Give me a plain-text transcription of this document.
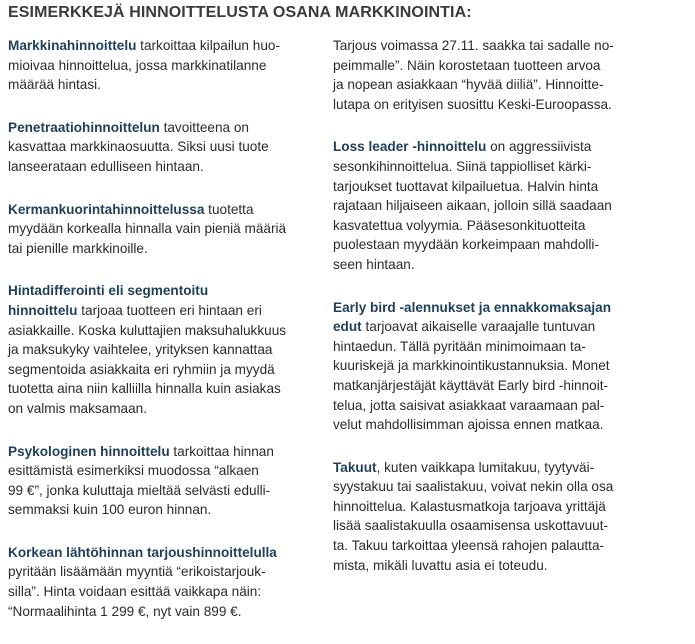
ESIMERKKEJÄ HINNOITTELUSTA OSANA MARKKINOINTIA:

Markkinahinnoittelu tarkoittaa kilpailun huo-
mioivaa hinnoittelua, jossa markkinatilanne
määrää hintasi.

Penetraatiohinnoittelun tavoitteena on
kasvattaa markkinaosuutta. Siksi uusi tuote
lanseerataan edulliseen hintaan.

Kermankuorintahinnoittelussa tuotetta
myydään korkealla hinnalla vain pieniä määriä
tai pienille markkinoille.

Hintadifferointi eli segmentoitu
hinnoittelu tarjoaa tuotteen eri hintaan eri
asiakkaille. Koska kuluttajien maksuhalukkuus
ja maksukyky vaihtelee, yrityksen kannattaa
segmentoida asiakkaita eri ryhmiin ja myydä
tuotetta aina niin kalliilla hinnalla kuin asiakas
on valmis maksamaan.

Psykologinen hinnoittelu tarkoittaa hinnan
esittämistä esimerkiksi muodossa “alkaen
99 €”, jonka kuluttaja mieltää selvästi edulli-
semmaksi kuin 100 euron hinnan.

Korkean lähtöhinnan tarjoushinnoittelulla
pyritään lisäämään myyntiä “erikoistarjouk-
silla”. Hinta voidaan esittää vaikkapa näin:
“Normaalihinta 1 299 €, nyt vain 899 €.

Tarjous voimassa 27.11. saakka tai sadalle no-
peimmalle”. Näin korostetaan tuotteen arvoa
ja nopean asiakkaan “hyvää diiliä”. Hinnoitte-
lutapa on erityisen suosittu Keski-Euroopassa.

Loss leader -hinnoittelu on aggressiivista
sesonkihinnoittelua. Siinä tappiolliset kärki-
tarjoukset tuottavat kilpailuetua. Halvin hinta
rajataan hiljaiseen aikaan, jolloin sillä saadaan
kasvatettua volyymia. Pääsesonkituotteita
puolestaan myydään korkeimpaan mahdolli-
seen hintaan.

Early bird -alennukset ja ennakkomaksajan
edut tarjoavat aikaiselle varaajalle tuntuvan
hintaedun. Tällä pyritään minimoimaan ta-
kuuriskejä ja markkinointikustannuksia. Monet
matkanjärjestäjät käyttävät Early bird -hinnoit-
telua, jotta saisivat asiakkaat varaamaan pal-
velut mahdollisimman ajoissa ennen matkaa.

Takuut, kuten vaikkapa lumitakuu, tyytyväi-
syystakuu tai saalistakuu, voivat nekin olla osa
hinnoittelua. Kalastusmatkoja tarjoava yrittäjä
lisää saalistakuulla osaamisensa uskottavuut-
ta. Takuu tarkoittaa yleensä rahojen palautta-
mista, mikäli luvattu asia ei toteudu.
